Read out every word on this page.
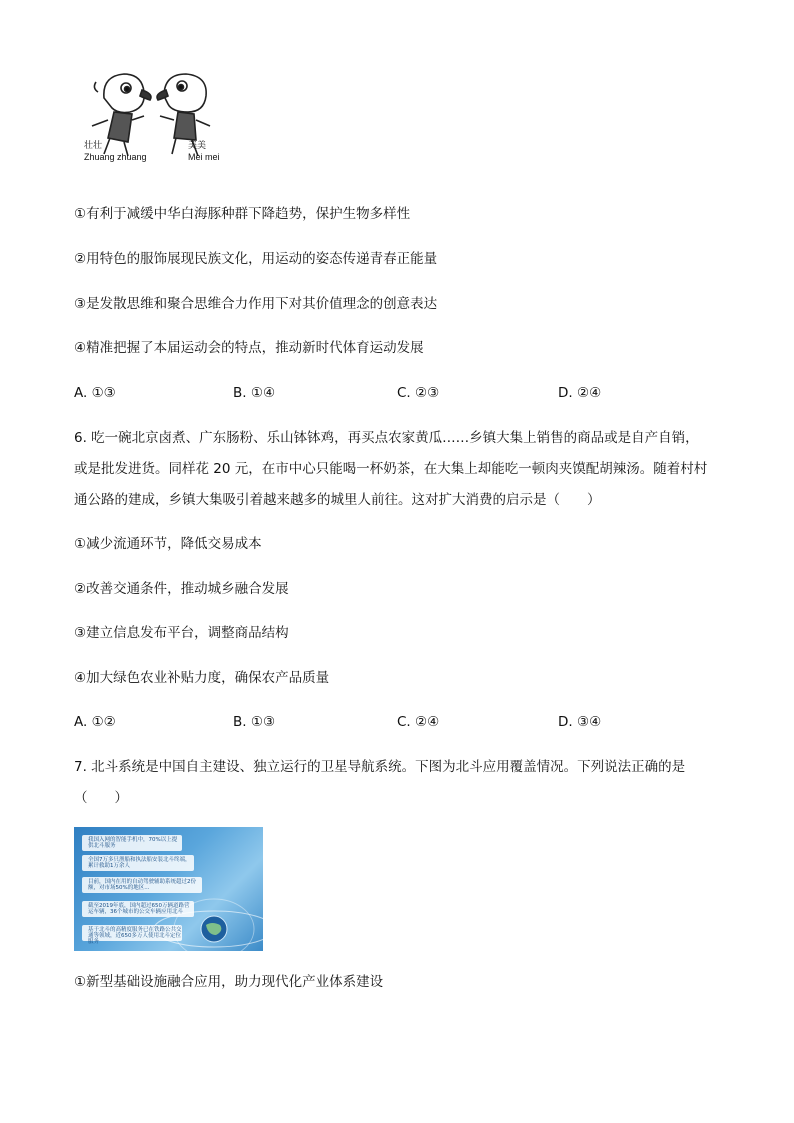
壮壮
Zhuang zhuang
美美
Mei mei
①有利于减缓中华白海豚种群下降趋势，保护生物多样性
②用特色的服饰展现民族文化，用运动的姿态传递青春正能量
③是发散思维和聚合思维合力作用下对其价值理念的创意表达
④精准把握了本届运动会的特点，推动新时代体育运动发展
A. ①③	B. ①④	C. ②③	D. ②④
6. 吃一碗北京卤煮、广东肠粉、乐山钵钵鸡，再买点农家黄瓜……乡镇大集上销售的商品或是自产自销，
或是批发进货。同样花 20 元，在市中心只能喝一杯奶茶，在大集上却能吃一顿肉夹馍配胡辣汤。随着村村
通公路的建成，乡镇大集吸引着越来越多的城里人前往。这对扩大消费的启示是（　　）
①减少流通环节，降低交易成本
②改善交通条件，推动城乡融合发展
③建立信息发布平台，调整商品结构
④加大绿色农业补贴力度，确保农产品质量
A. ①②	B. ①③	C. ②④	D. ③④
7. 北斗系统是中国自主建设、独立运行的卫星导航系统。下图为北斗应用覆盖情况。下列说法正确的是
（　　）
我国入网的智能手机中，70%以上提供北斗服务
全国7万多只渔船和执法船安装北斗终端，累计救助1万余人
目前，国内在用的自动驾驶辅助系统超过2份额，对市场50%的地区...
截至2019年底，国内超过650万辆道路营运车辆，36个城市的公交车辆应用北斗
基于北斗的高精度服务已在铁路公共交通等领域，近650多万人使用北斗定位服务
①新型基础设施融合应用，助力现代化产业体系建设
